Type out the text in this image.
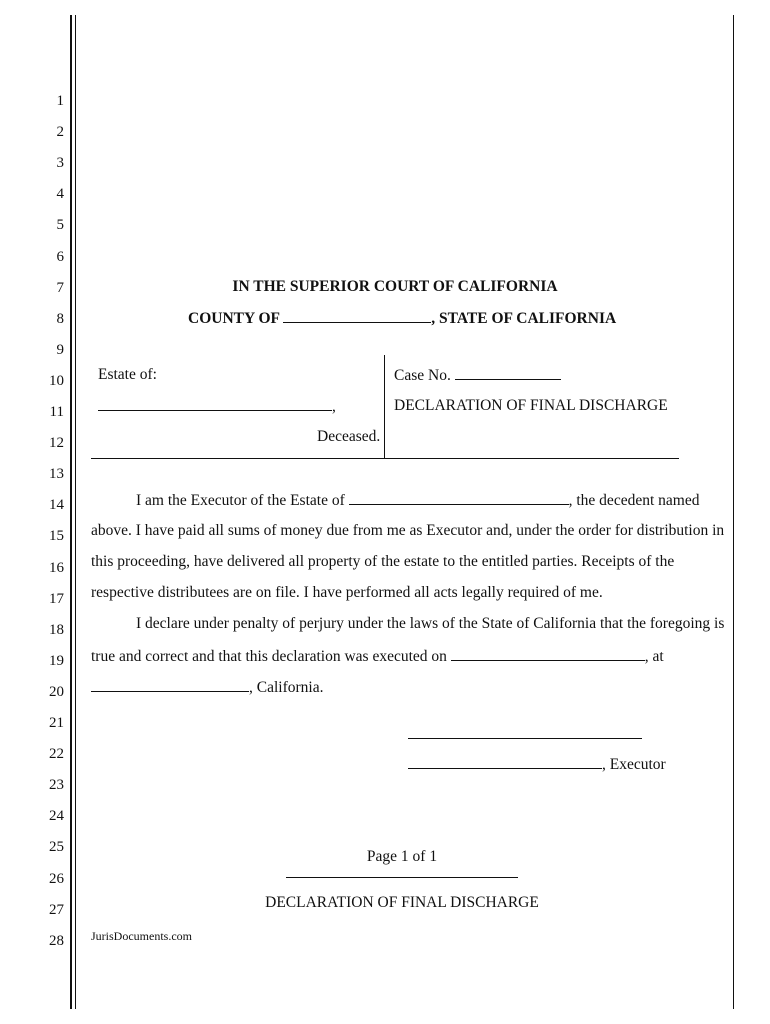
1
2
3
4
5
6
7
8
9
10
11
12
13
14
15
16
17
18
19
20
21
22
23
24
25
26
27
28
IN THE SUPERIOR COURT OF CALIFORNIA
COUNTY OF	, STATE OF CALIFORNIA
Estate of:
,
Deceased.
Case No.
DECLARATION OF FINAL DISCHARGE
I am the Executor of the Estate of	, the decedent named
above. I have paid all sums of money due from me as Executor and, under the order for distribution in
this proceeding, have delivered all property of the estate to the entitled parties. Receipts of the
respective distributees are on file. I have performed all acts legally required of me.
I declare under penalty of perjury under the laws of the State of California that the foregoing is
true and correct and that this declaration was executed on	, at
, California.
, Executor
Page 1 of 1
DECLARATION OF FINAL DISCHARGE
JurisDocuments.com
